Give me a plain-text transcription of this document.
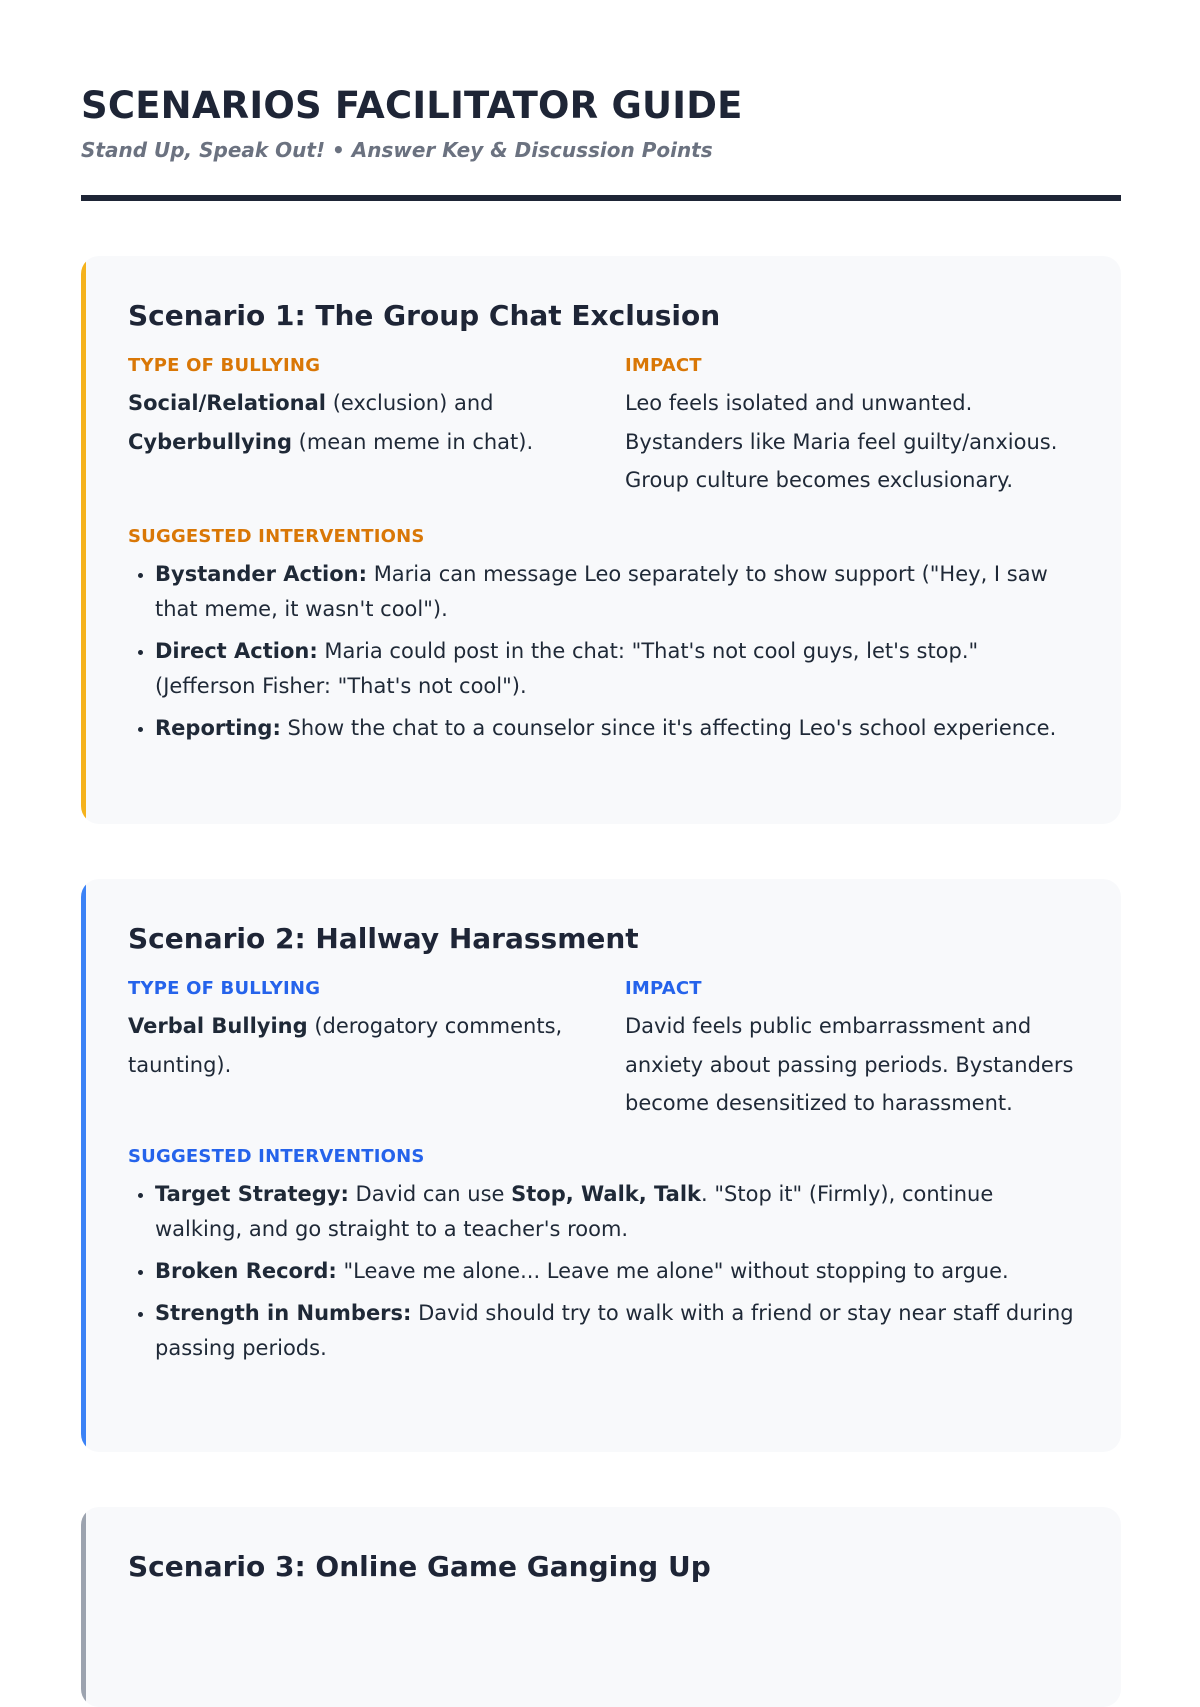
SCENARIOS FACILITATOR GUIDE
Stand Up, Speak Out! • Answer Key & Discussion Points
Scenario 1: The Group Chat Exclusion
TYPE OF BULLYING
Social/Relational (exclusion) and
Cyberbullying (mean meme in chat).
IMPACT
Leo feels isolated and unwanted. Bystanders like Maria feel guilty/anxious. Group culture becomes exclusionary.
SUGGESTED INTERVENTIONS
• Bystander Action: Maria can message Leo separately to show support ("Hey, I saw that meme, it wasn't cool").
• Direct Action: Maria could post in the chat: "That's not cool guys, let's stop." (Jefferson Fisher: "That's not cool").
• Reporting: Show the chat to a counselor since it's affecting Leo's school experience.
Scenario 2: Hallway Harassment
TYPE OF BULLYING
Verbal Bullying (derogatory comments, taunting).
IMPACT
David feels public embarrassment and anxiety about passing periods. Bystanders become desensitized to harassment.
SUGGESTED INTERVENTIONS
• Target Strategy: David can use Stop, Walk, Talk. "Stop it" (Firmly), continue walking, and go straight to a teacher's room.
• Broken Record: "Leave me alone... Leave me alone" without stopping to argue.
• Strength in Numbers: David should try to walk with a friend or stay near staff during passing periods.
Scenario 3: Online Game Ganging Up
